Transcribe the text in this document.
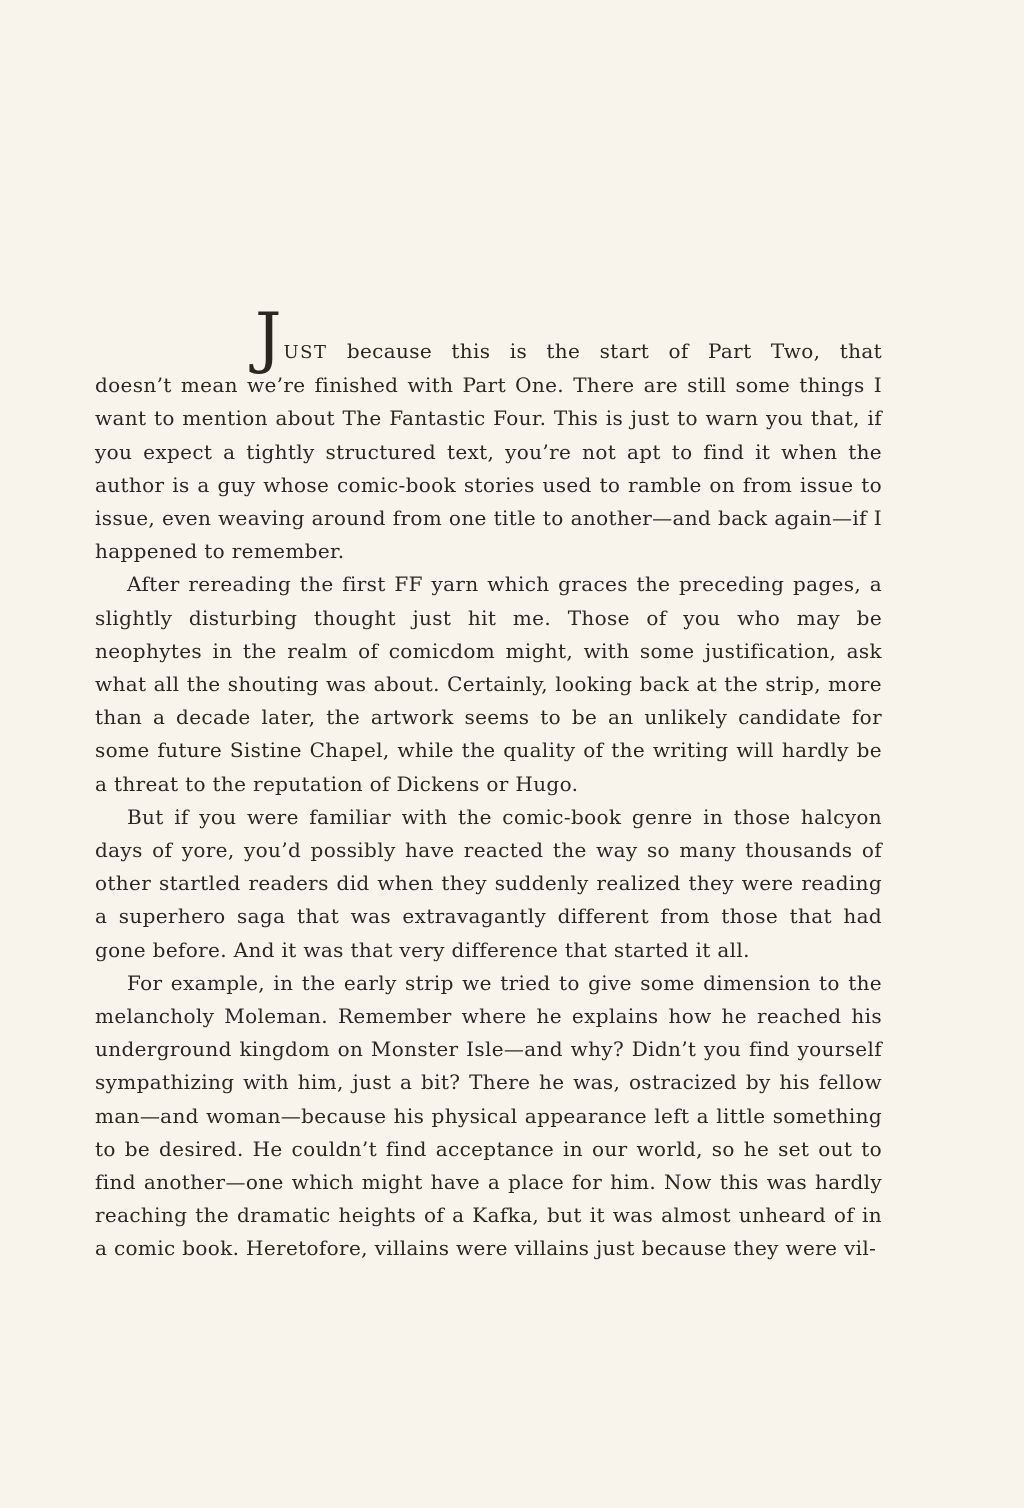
JUST because this is the start of Part Two, that
doesn’t mean we’re finished with Part One. There are still some things I want to mention about The Fantastic Four. This is just to warn you that, if you expect a tightly structured text, you’re not apt to find it when the author is a guy whose comic-book stories used to ramble on from issue to issue, even weaving around from one title to another—and back again—if I happened to remember.

After rereading the first FF yarn which graces the preceding pages, a slightly disturbing thought just hit me. Those of you who may be neophytes in the realm of comicdom might, with some justification, ask what all the shouting was about. Certainly, looking back at the strip, more than a decade later, the artwork seems to be an unlikely candidate for some future Sistine Chapel, while the quality of the writing will hardly be a threat to the reputation of Dickens or Hugo.

But if you were familiar with the comic-book genre in those halcyon days of yore, you’d possibly have reacted the way so many thousands of other startled readers did when they suddenly realized they were reading a superhero saga that was extravagantly different from those that had gone before. And it was that very difference that started it all.

For example, in the early strip we tried to give some dimension to the melancholy Moleman. Remember where he explains how he reached his underground kingdom on Monster Isle—and why? Didn’t you find yourself sympathizing with him, just a bit? There he was, ostracized by his fellow man—and woman—because his physical appearance left a little something to be desired. He couldn’t find acceptance in our world, so he set out to find another—one which might have a place for him. Now this was hardly reaching the dramatic heights of a Kafka, but it was almost unheard of in a comic book. Heretofore, villains were villains just because they were vil-
